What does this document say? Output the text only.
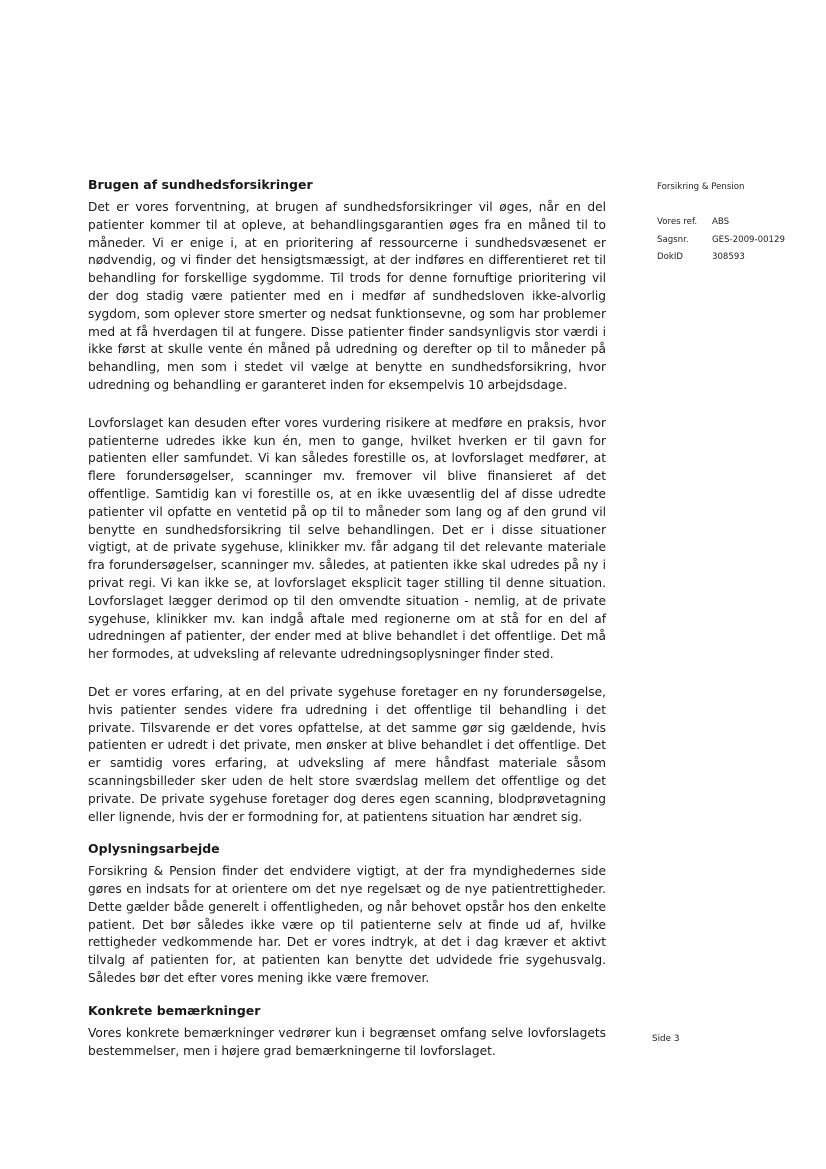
Brugen af sundhedsforsikringer

Det er vores forventning, at brugen af sundhedsforsikringer vil øges, når en del patienter kommer til at opleve, at behandlingsgarantien øges fra en måned til to måneder. Vi er enige i, at en prioritering af ressourcerne i sundhedsvæsenet er nødvendig, og vi finder det hensigtsmæssigt, at der indføres en differentieret ret til behandling for forskellige sygdomme. Til trods for denne fornuftige prioritering vil der dog stadig være patienter med en i medfør af sundhedsloven ikke-alvorlig sygdom, som oplever store smerter og nedsat funktionsevne, og som har problemer med at få hverdagen til at fungere. Disse patienter finder sandsynligvis stor værdi i ikke først at skulle vente én måned på udredning og derefter op til to måneder på behandling, men som i stedet vil vælge at benytte en sundhedsforsikring, hvor udredning og behandling er garanteret inden for eksempelvis 10 arbejdsdage.

Lovforslaget kan desuden efter vores vurdering risikere at medføre en praksis, hvor patienterne udredes ikke kun én, men to gange, hvilket hverken er til gavn for patienten eller samfundet. Vi kan således forestille os, at lovforslaget medfører, at flere forundersøgelser, scanninger mv. fremover vil blive finansieret af det offentlige. Samtidig kan vi forestille os, at en ikke uvæsentlig del af disse udredte patienter vil opfatte en ventetid på op til to måneder som lang og af den grund vil benytte en sundhedsforsikring til selve behandlingen. Det er i disse situationer vigtigt, at de private sygehuse, klinikker mv. får adgang til det relevante materiale fra forundersøgelser, scanninger mv. således, at patienten ikke skal udredes på ny i privat regi. Vi kan ikke se, at lovforslaget eksplicit tager stilling til denne situation. Lovforslaget lægger derimod op til den omvendte situation - nemlig, at de private sygehuse, klinikker mv. kan indgå aftale med regionerne om at stå for en del af udredningen af patienter, der ender med at blive behandlet i det offentlige. Det må her formodes, at udveksling af relevante udredningsoplysninger finder sted.

Det er vores erfaring, at en del private sygehuse foretager en ny forundersøgelse, hvis patienter sendes videre fra udredning i det offentlige til behandling i det private. Tilsvarende er det vores opfattelse, at det samme gør sig gældende, hvis patienten er udredt i det private, men ønsker at blive behandlet i det offentlige. Det er samtidig vores erfaring, at udveksling af mere håndfast materiale såsom scanningsbilleder sker uden de helt store sværdslag mellem det offentlige og det private. De private sygehuse foretager dog deres egen scanning, blodprøvetagning eller lignende, hvis der er formodning for, at patientens situation har ændret sig.

Oplysningsarbejde

Forsikring & Pension finder det endvidere vigtigt, at der fra myndighedernes side gøres en indsats for at orientere om det nye regelsæt og de nye patientrettigheder. Dette gælder både generelt i offentligheden, og når behovet opstår hos den enkelte patient. Det bør således ikke være op til patienterne selv at finde ud af, hvilke rettigheder vedkommende har. Det er vores indtryk, at det i dag kræver et aktivt tilvalg af patienten for, at patienten kan benytte det udvidede frie sygehusvalg. Således bør det efter vores mening ikke være fremover.

Konkrete bemærkninger

Vores konkrete bemærkninger vedrører kun i begrænset omfang selve lovforslagets bestemmelser, men i højere grad bemærkningerne til lovforslaget.

Forsikring & Pension
Vores ref.	ABS
Sagsnr.	GES-2009-00129
DokID	308593
Side 3
